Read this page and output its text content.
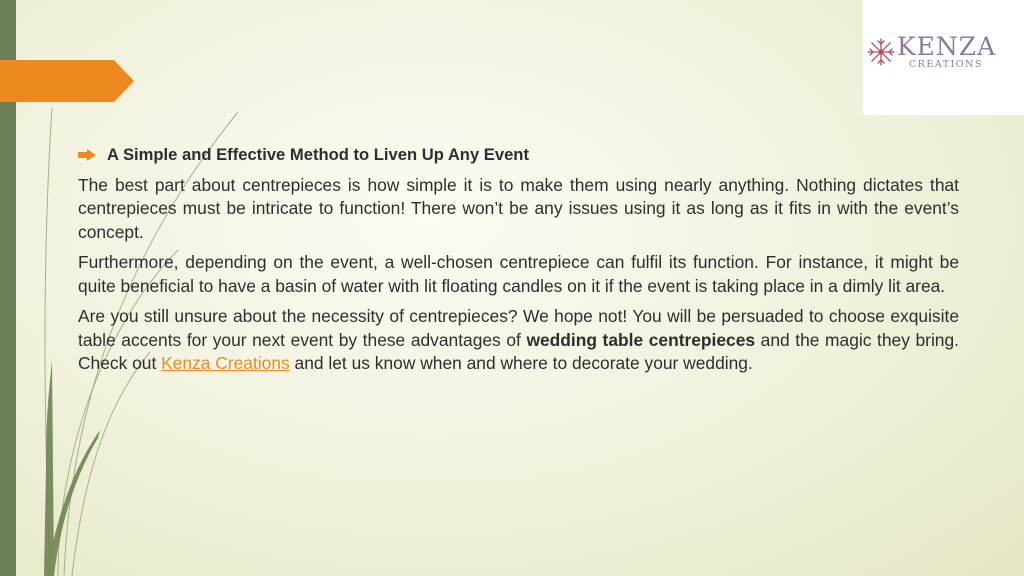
KENZA
CREATIONS
A Simple and Effective Method to Liven Up Any Event

The best part about centrepieces is how simple it is to make them using nearly anything. Nothing dictates that centrepieces must be intricate to function! There won’t be any issues using it as long as it fits in with the event’s concept.

Furthermore, depending on the event, a well-chosen centrepiece can fulfil its function. For instance, it might be quite beneficial to have a basin of water with lit floating candles on it if the event is taking place in a dimly lit area.

Are you still unsure about the necessity of centrepieces? We hope not! You will be persuaded to choose exquisite table accents for your next event by these advantages of wedding table centrepieces and the magic they bring. Check out Kenza Creations and let us know when and where to decorate your wedding.
